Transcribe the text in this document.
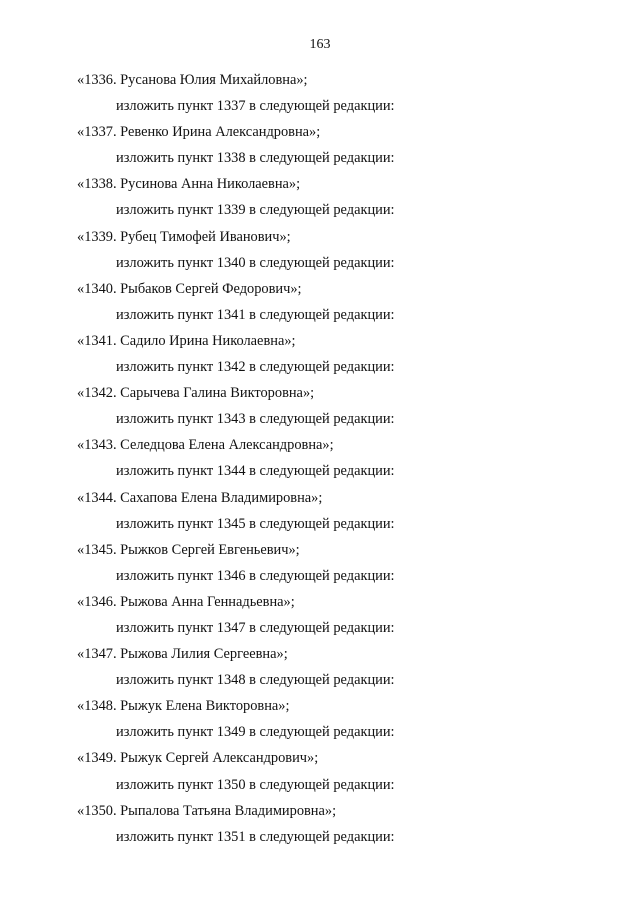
163
«1336. Русанова Юлия Михайловна»;
изложить пункт 1337 в следующей редакции:
«1337. Ревенко Ирина Александровна»;
изложить пункт 1338 в следующей редакции:
«1338. Русинова Анна Николаевна»;
изложить пункт 1339 в следующей редакции:
«1339. Рубец Тимофей Иванович»;
изложить пункт 1340 в следующей редакции:
«1340. Рыбаков Сергей Федорович»;
изложить пункт 1341 в следующей редакции:
«1341. Садило Ирина Николаевна»;
изложить пункт 1342 в следующей редакции:
«1342. Сарычева Галина Викторовна»;
изложить пункт 1343 в следующей редакции:
«1343. Селедцова Елена Александровна»;
изложить пункт 1344 в следующей редакции:
«1344. Сахапова Елена Владимировна»;
изложить пункт 1345 в следующей редакции:
«1345. Рыжков Сергей Евгеньевич»;
изложить пункт 1346 в следующей редакции:
«1346. Рыжова Анна Геннадьевна»;
изложить пункт 1347 в следующей редакции:
«1347. Рыжова Лилия Сергеевна»;
изложить пункт 1348 в следующей редакции:
«1348. Рыжук Елена Викторовна»;
изложить пункт 1349 в следующей редакции:
«1349. Рыжук Сергей Александрович»;
изложить пункт 1350 в следующей редакции:
«1350. Рыпалова Татьяна Владимировна»;
изложить пункт 1351 в следующей редакции:
